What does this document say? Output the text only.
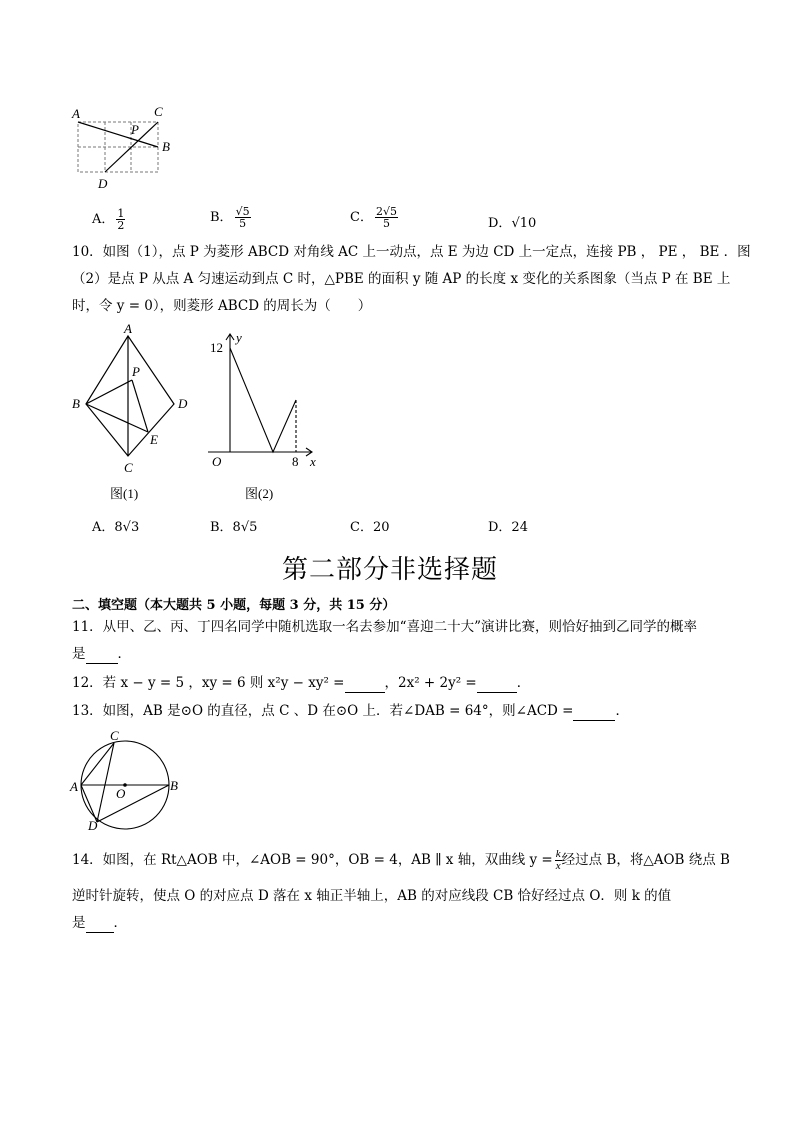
A	C
P
B
D
A． $\frac{1}{2}$	B． $\frac{√5}{5}$	C． $\frac{2√5}{5}$	D．√10
10．如图（1），点 P 为菱形 ABCD 对角线 AC 上一动点，点 E 为边 CD 上一定点，连接 PB ， PE ， BE ．图
（2）是点 P 从点 A 匀速运动到点 C 时，△PBE 的面积 y 随 AP 的长度 x 变化的关系图象（当点 P 在 BE 上
时，令 y = 0），则菱形 ABCD 的周长为（　　）
A
P
B	D
E
C
图(1)
y
12
O	8 x
图(2)
A．8√3	B．8√5	C．20	D．24
第二部分非选择题
二、填空题（本大题共 5 小题，每题 3 分，共 15 分）
11．从甲、乙、丙、丁四名同学中随机选取一名去参加“喜迎二十大”演讲比赛，则恰好抽到乙同学的概率
是 ．
12．若 x − y = 5 ，xy = 6 则 x²y − xy² =	，2x² + 2y² =	．
13．如图，AB 是⊙O 的直径，点 C 、D 在⊙O 上．若∠DAB = 64°，则∠ACD =	．
C
A	O
B
D
14．如图，在 Rt△AOB 中，∠AOB = 90°，OB = 4，AB ∥ x 轴，双曲线 $y = \frac{k}{x}$ 经过点 B，将△AOB 绕点 B
逆时针旋转，使点 O 的对应点 D 落在 x 轴正半轴上，AB 的对应线段 CB 恰好经过点 O．则 k 的值
是 ．
